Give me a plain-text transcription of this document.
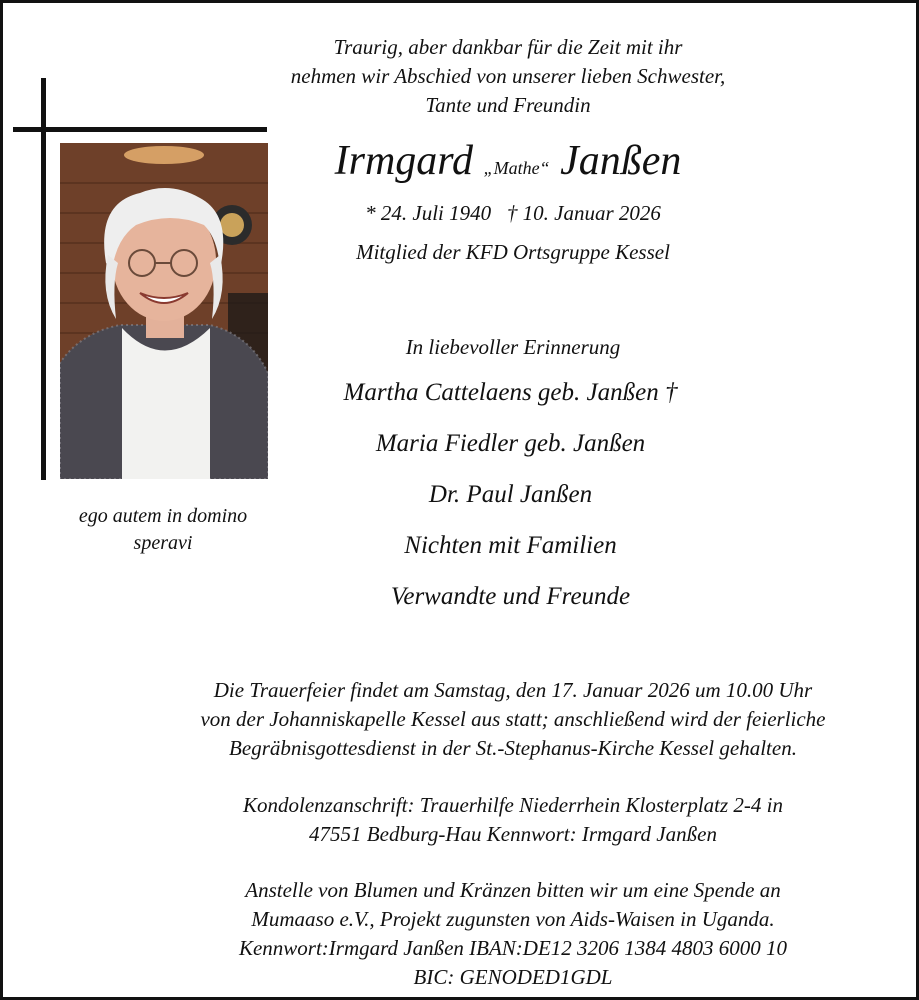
Traurig, aber dankbar für die Zeit mit ihr
nehmen wir Abschied von unserer lieben Schwester,
Tante und Freundin
ego autem in domino
speravi
Irmgard „Mathe“ Janßen
* 24. Juli 1940 † 10. Januar 2026
Mitglied der KFD Ortsgruppe Kessel
In liebevoller Erinnerung
Martha Cattelaens geb. Janßen †
Maria Fiedler geb. Janßen
Dr. Paul Janßen
Nichten mit Familien
Verwandte und Freunde
Die Trauerfeier findet am Samstag, den 17. Januar 2026 um 10.00 Uhr
von der Johanniskapelle Kessel aus statt; anschließend wird der feierliche
Begräbnisgottesdienst in der St.-Stephanus-Kirche Kessel gehalten.
Kondolenzanschrift: Trauerhilfe Niederrhein Klosterplatz 2-4 in
47551 Bedburg-Hau Kennwort: Irmgard Janßen
Anstelle von Blumen und Kränzen bitten wir um eine Spende an
Mumaaso e.V., Projekt zugunsten von Aids-Waisen in Uganda.
Kennwort:Irmgard Janßen IBAN:DE12 3206 1384 4803 6000 10
BIC: GENODED1GDL
